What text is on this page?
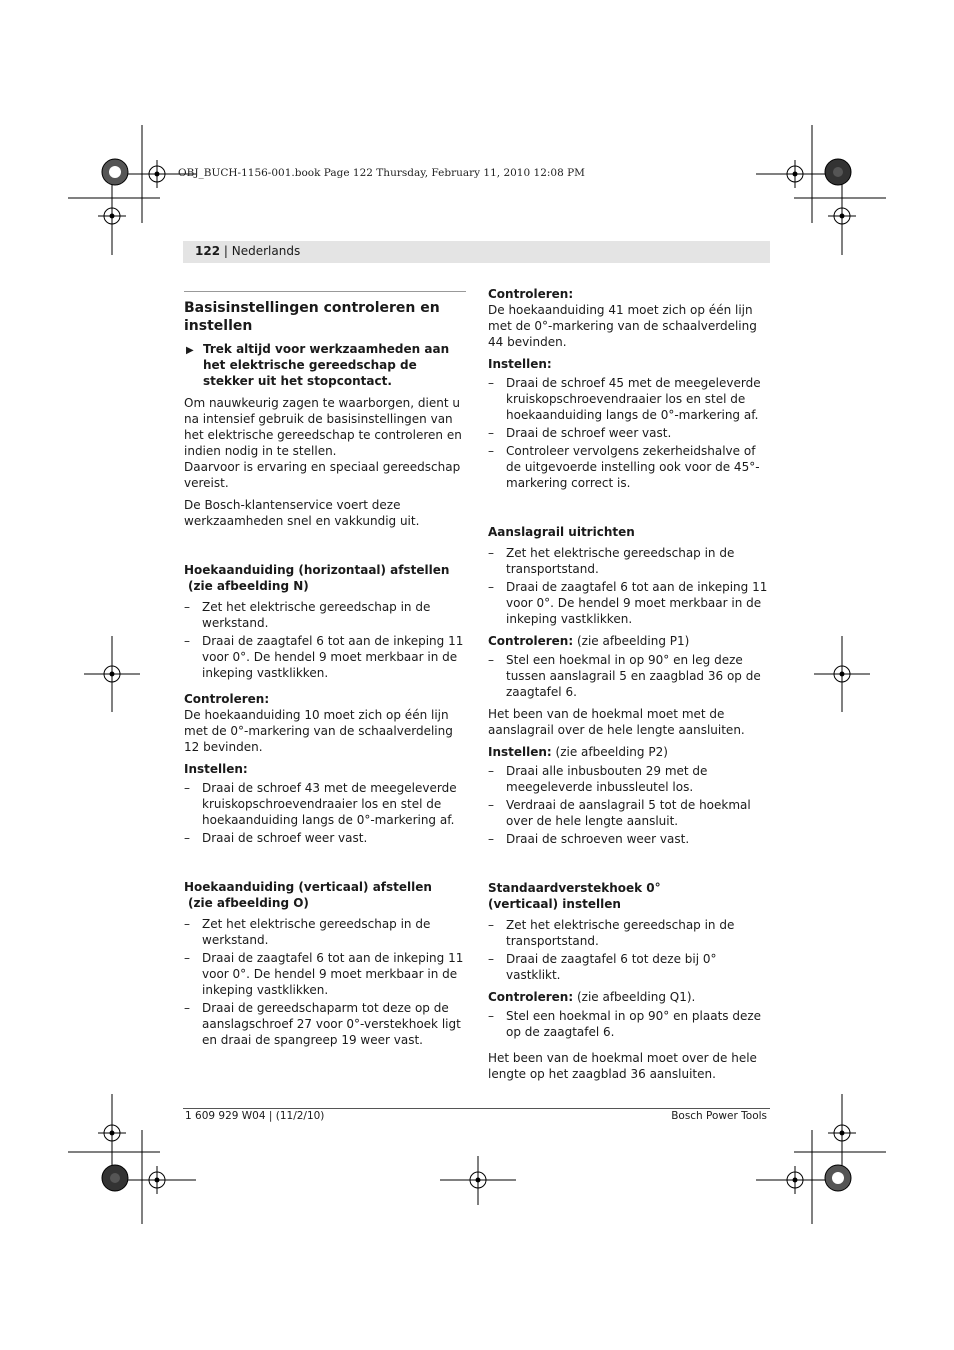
OBJ_BUCH-1156-001.book Page 122 Thursday, February 11, 2010 12:08 PM
122 | Nederlands
Basisinstellingen controleren en instellen
▶ Trek altijd voor werkzaamheden aan het elektrische gereedschap de stekker uit het stopcontact.

Om nauwkeurig zagen te waarborgen, dient u na intensief gebruik de basisinstellingen van het elektrische gereedschap te controleren en indien nodig in te stellen.

Daarvoor is ervaring en speciaal gereedschap vereist.

De Bosch-klantenservice voert deze werkzaamheden snel en vakkundig uit.

Hoekaanduiding (horizontaal) afstellen
(zie afbeelding N)
– Zet het elektrische gereedschap in de werkstand.
– Draai de zaagtafel 6 tot aan de inkeping 11 voor 0°. De hendel 9 moet merkbaar in de inkeping vastklikken.
Controleren:

De hoekaanduiding 10 moet zich op één lijn met de 0°-markering van de schaalverdeling 12 bevinden.

Instellen:
– Draai de schroef 43 met de meegeleverde kruiskopschroevendraaier los en stel de hoekaanduiding langs de 0°-markering af.
– Draai de schroef weer vast.
Hoekaanduiding (verticaal) afstellen
(zie afbeelding O)
– Zet het elektrische gereedschap in de werkstand.
– Draai de zaagtafel 6 tot aan de inkeping 11 voor 0°. De hendel 9 moet merkbaar in de inkeping vastklikken.
– Draai de gereedschaparm tot deze op de aanslagschroef 27 voor 0°-verstekhoek ligt en draai de spangreep 19 weer vast.
Controleren:

De hoekaanduiding 41 moet zich op één lijn met de 0°-markering van de schaalverdeling 44 bevinden.

Instellen:
– Draai de schroef 45 met de meegeleverde kruiskopschroevendraaier los en stel de hoekaanduiding langs de 0°-markering af.
– Draai de schroef weer vast.
– Controleer vervolgens zekerheidshalve of de uitgevoerde instelling ook voor de 45°-markering correct is.
Aanslagrail uitrichten
– Zet het elektrische gereedschap in de transportstand.
– Draai de zaagtafel 6 tot aan de inkeping 11 voor 0°. De hendel 9 moet merkbaar in de inkeping vastklikken.
Controleren: (zie afbeelding P1)
– Stel een hoekmal in op 90° en leg deze tussen aanslagrail 5 en zaagblad 36 op de zaagtafel 6.

Het been van de hoekmal moet met de aanslagrail over de hele lengte aansluiten.

Instellen: (zie afbeelding P2)
– Draai alle inbusbouten 29 met de meegeleverde inbussleutel los.
– Verdraai de aanslagrail 5 tot de hoekmal over de hele lengte aansluit.
– Draai de schroeven weer vast.
Standaardverstekhoek 0° (verticaal) instellen
– Zet het elektrische gereedschap in de transportstand.
– Draai de zaagtafel 6 tot deze bij 0° vastklikt.
Controleren: (zie afbeelding Q1).
– Stel een hoekmal in op 90° en plaats deze op de zaagtafel 6.

Het been van de hoekmal moet over de hele lengte op het zaagblad 36 aansluiten.

1 609 929 W04 | (11/2/10)	Bosch Power Tools
